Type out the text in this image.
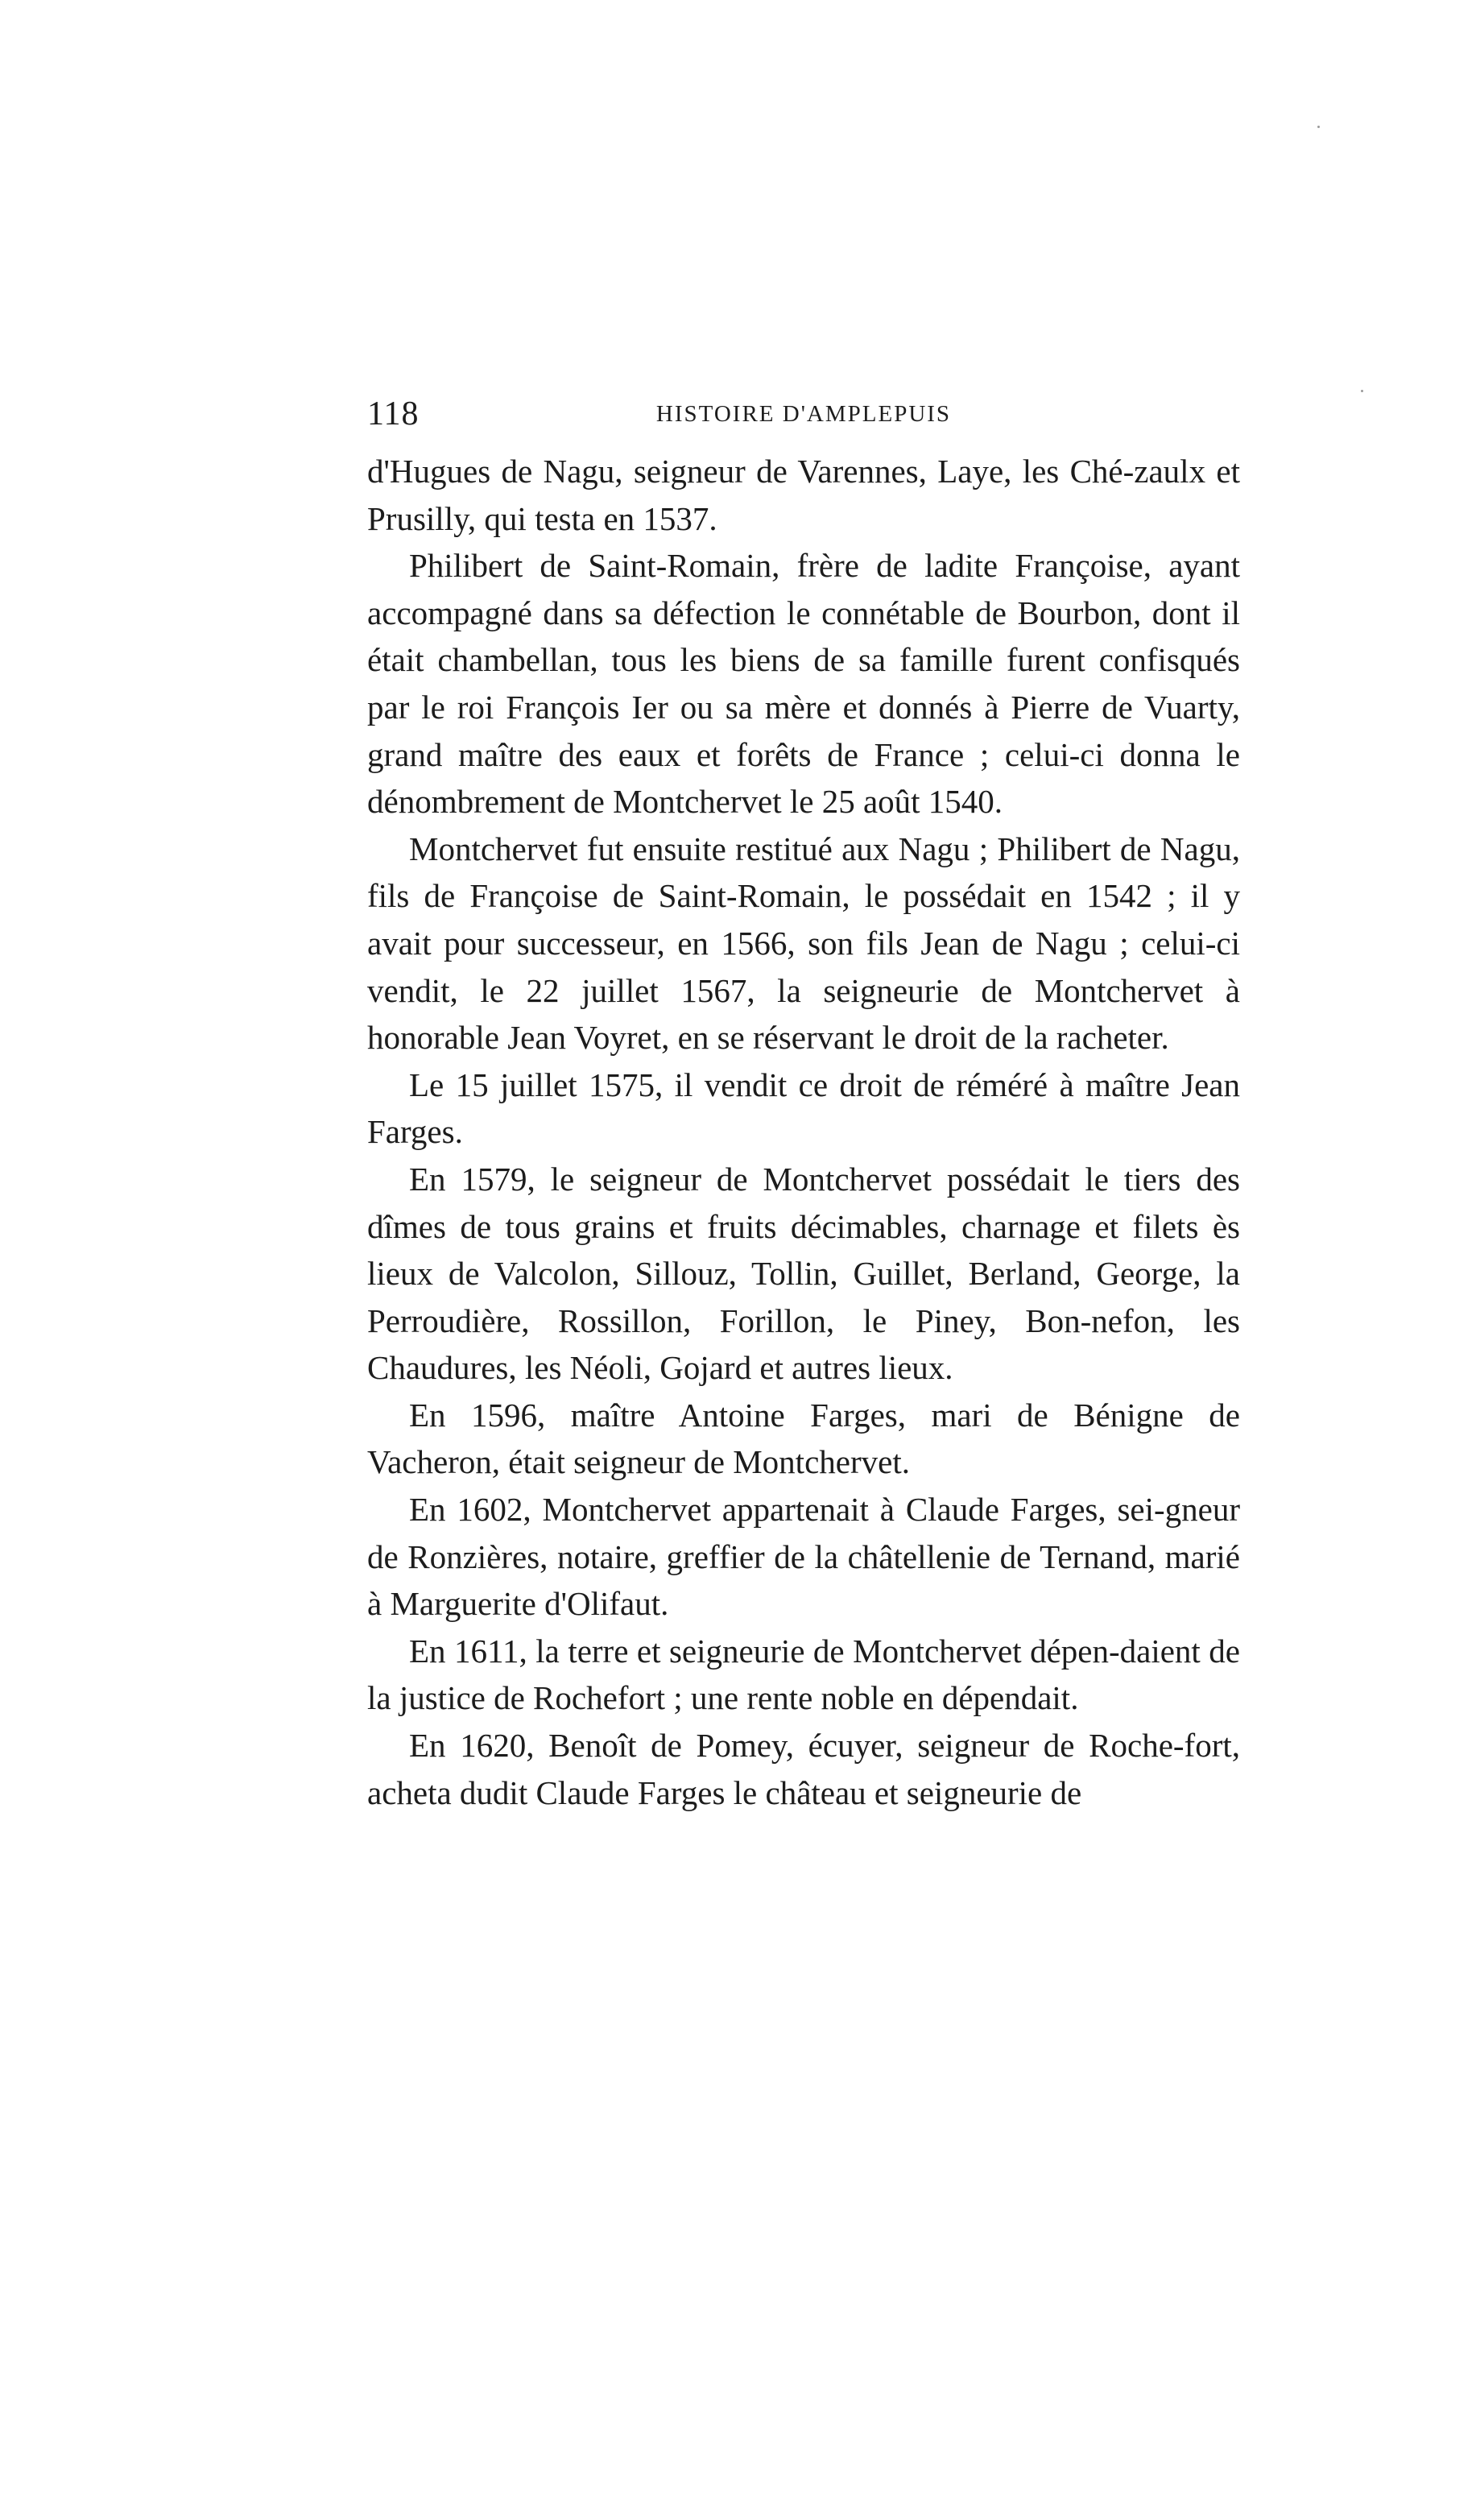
118	HISTOIRE D'AMPLEPUIS

d'Hugues de Nagu, seigneur de Varennes, Laye, les Ché-zaulx et Prusilly, qui testa en 1537.

Philibert de Saint-Romain, frère de ladite Françoise, ayant accompagné dans sa défection le connétable de Bourbon, dont il était chambellan, tous les biens de sa famille furent confisqués par le roi François Ier ou sa mère et donnés à Pierre de Vuarty, grand maître des eaux et forêts de France ; celui-ci donna le dénombrement de Montchervet le 25 août 1540.

Montchervet fut ensuite restitué aux Nagu ; Philibert de Nagu, fils de Françoise de Saint-Romain, le possédait en 1542 ; il y avait pour successeur, en 1566, son fils Jean de Nagu ; celui-ci vendit, le 22 juillet 1567, la seigneurie de Montchervet à honorable Jean Voyret, en se réservant le droit de la racheter.

Le 15 juillet 1575, il vendit ce droit de réméré à maître Jean Farges.

En 1579, le seigneur de Montchervet possédait le tiers des dîmes de tous grains et fruits décimables, charnage et filets ès lieux de Valcolon, Sillouz, Tollin, Guillet, Berland, George, la Perroudière, Rossillon, Forillon, le Piney, Bon-nefon, les Chaudures, les Néoli, Gojard et autres lieux.

En 1596, maître Antoine Farges, mari de Bénigne de Vacheron, était seigneur de Montchervet.

En 1602, Montchervet appartenait à Claude Farges, sei-gneur de Ronzières, notaire, greffier de la châtellenie de Ternand, marié à Marguerite d'Olifaut.

En 1611, la terre et seigneurie de Montchervet dépen-daient de la justice de Rochefort ; une rente noble en dépendait.

En 1620, Benoît de Pomey, écuyer, seigneur de Roche-fort, acheta dudit Claude Farges le château et seigneurie de
